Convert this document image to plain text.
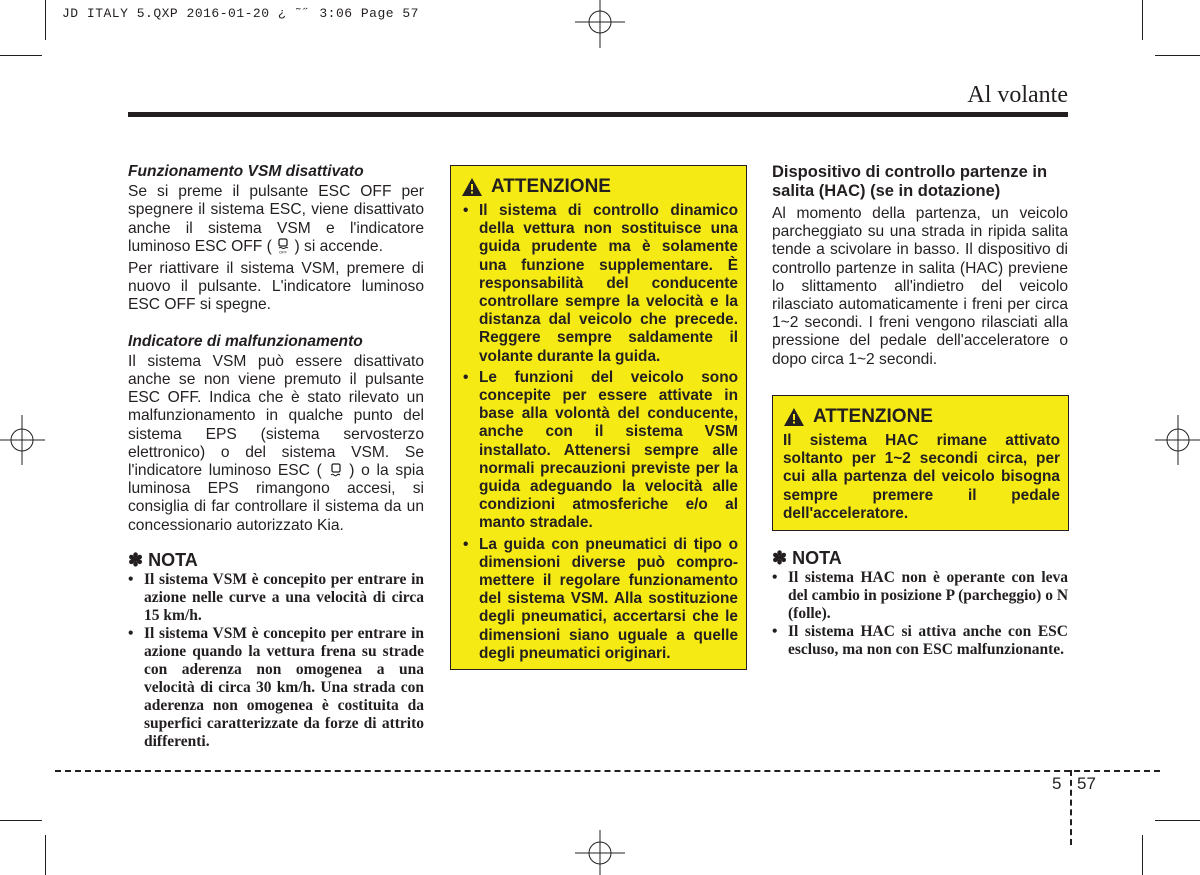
JD ITALY 5.QXP 2016-01-20 ¿ ˜˝ 3:06 Page 57
Al volante

Funzionamento VSM disattivato

Se si preme il pulsante ESC OFF per spegnere il sistema ESC, viene disattivato anche il sistema VSM e l'indicatore luminoso ESC OFF ( OFF ) si accende.

Per riattivare il sistema VSM, premere di nuovo il pulsante. L'indicatore luminoso ESC OFF si spegne.

Indicatore di malfunzionamento

Il sistema VSM può essere disattivato anche se non viene premuto il pulsante ESC OFF. Indica che è stato rilevato un malfunzionamento in qualche punto del sistema EPS (sistema servosterzo elettronico) o del sistema VSM. Se l'indicatore luminoso ESC ( ) o la spia luminosa EPS rimangono accesi, si consiglia di far controllare il sistema da un concessionario autorizzato Kia.

✽ NOTA

• Il sistema VSM è concepito per entrare in azione nelle curve a una velocità di circa 15 km/h.
• Il sistema VSM è concepito per entrare in azione quando la vettura frena su strade con aderenza non omogenea a una velocità di circa 30 km/h. Una strada con aderenza non omogenea è costituita da superfici caratterizzate da forze di attrito differenti.
ATTENZIONE
• Il sistema di controllo dinamico della vettura non sostituisce una guida prudente ma è solamente una funzione supplementare. È responsabilità del conducente controllare sempre la velocità e la distanza dal veicolo che precede. Reggere sempre saldamente il volante durante la guida.
• Le funzioni del veicolo sono concepite per essere attivate in base alla volontà del conducente, anche con il sistema VSM installato. Attenersi sempre alle normali precauzioni previste per la guida adeguando la velocità alle condizioni atmosferiche e/o al manto stradale.
• La guida con pneumatici di tipo o dimensioni diverse può compro-mettere il regolare funzionamento del sistema VSM. Alla sostituzione degli pneumatici, accertarsi che le dimensioni siano uguale a quelle degli pneumatici originari.

Dispositivo di controllo partenze in salita (HAC) (se in dotazione)

Al momento della partenza, un veicolo parcheggiato su una strada in ripida salita tende a scivolare in basso. Il dispositivo di controllo partenze in salita (HAC) previene lo slittamento all'indietro del veicolo rilasciato automaticamente i freni per circa 1~2 secondi. I freni vengono rilasciati alla pressione del pedale dell'acceleratore o dopo circa 1~2 secondi.

ATTENZIONE

Il sistema HAC rimane attivato soltanto per 1~2 secondi circa, per cui alla partenza del veicolo bisogna sempre premere il pedale dell'acceleratore.

✽ NOTA

• Il sistema HAC non è operante con leva del cambio in posizione P (parcheggio) o N (folle).
• Il sistema HAC si attiva anche con ESC escluso, ma non con ESC malfunzionante.
5 57
